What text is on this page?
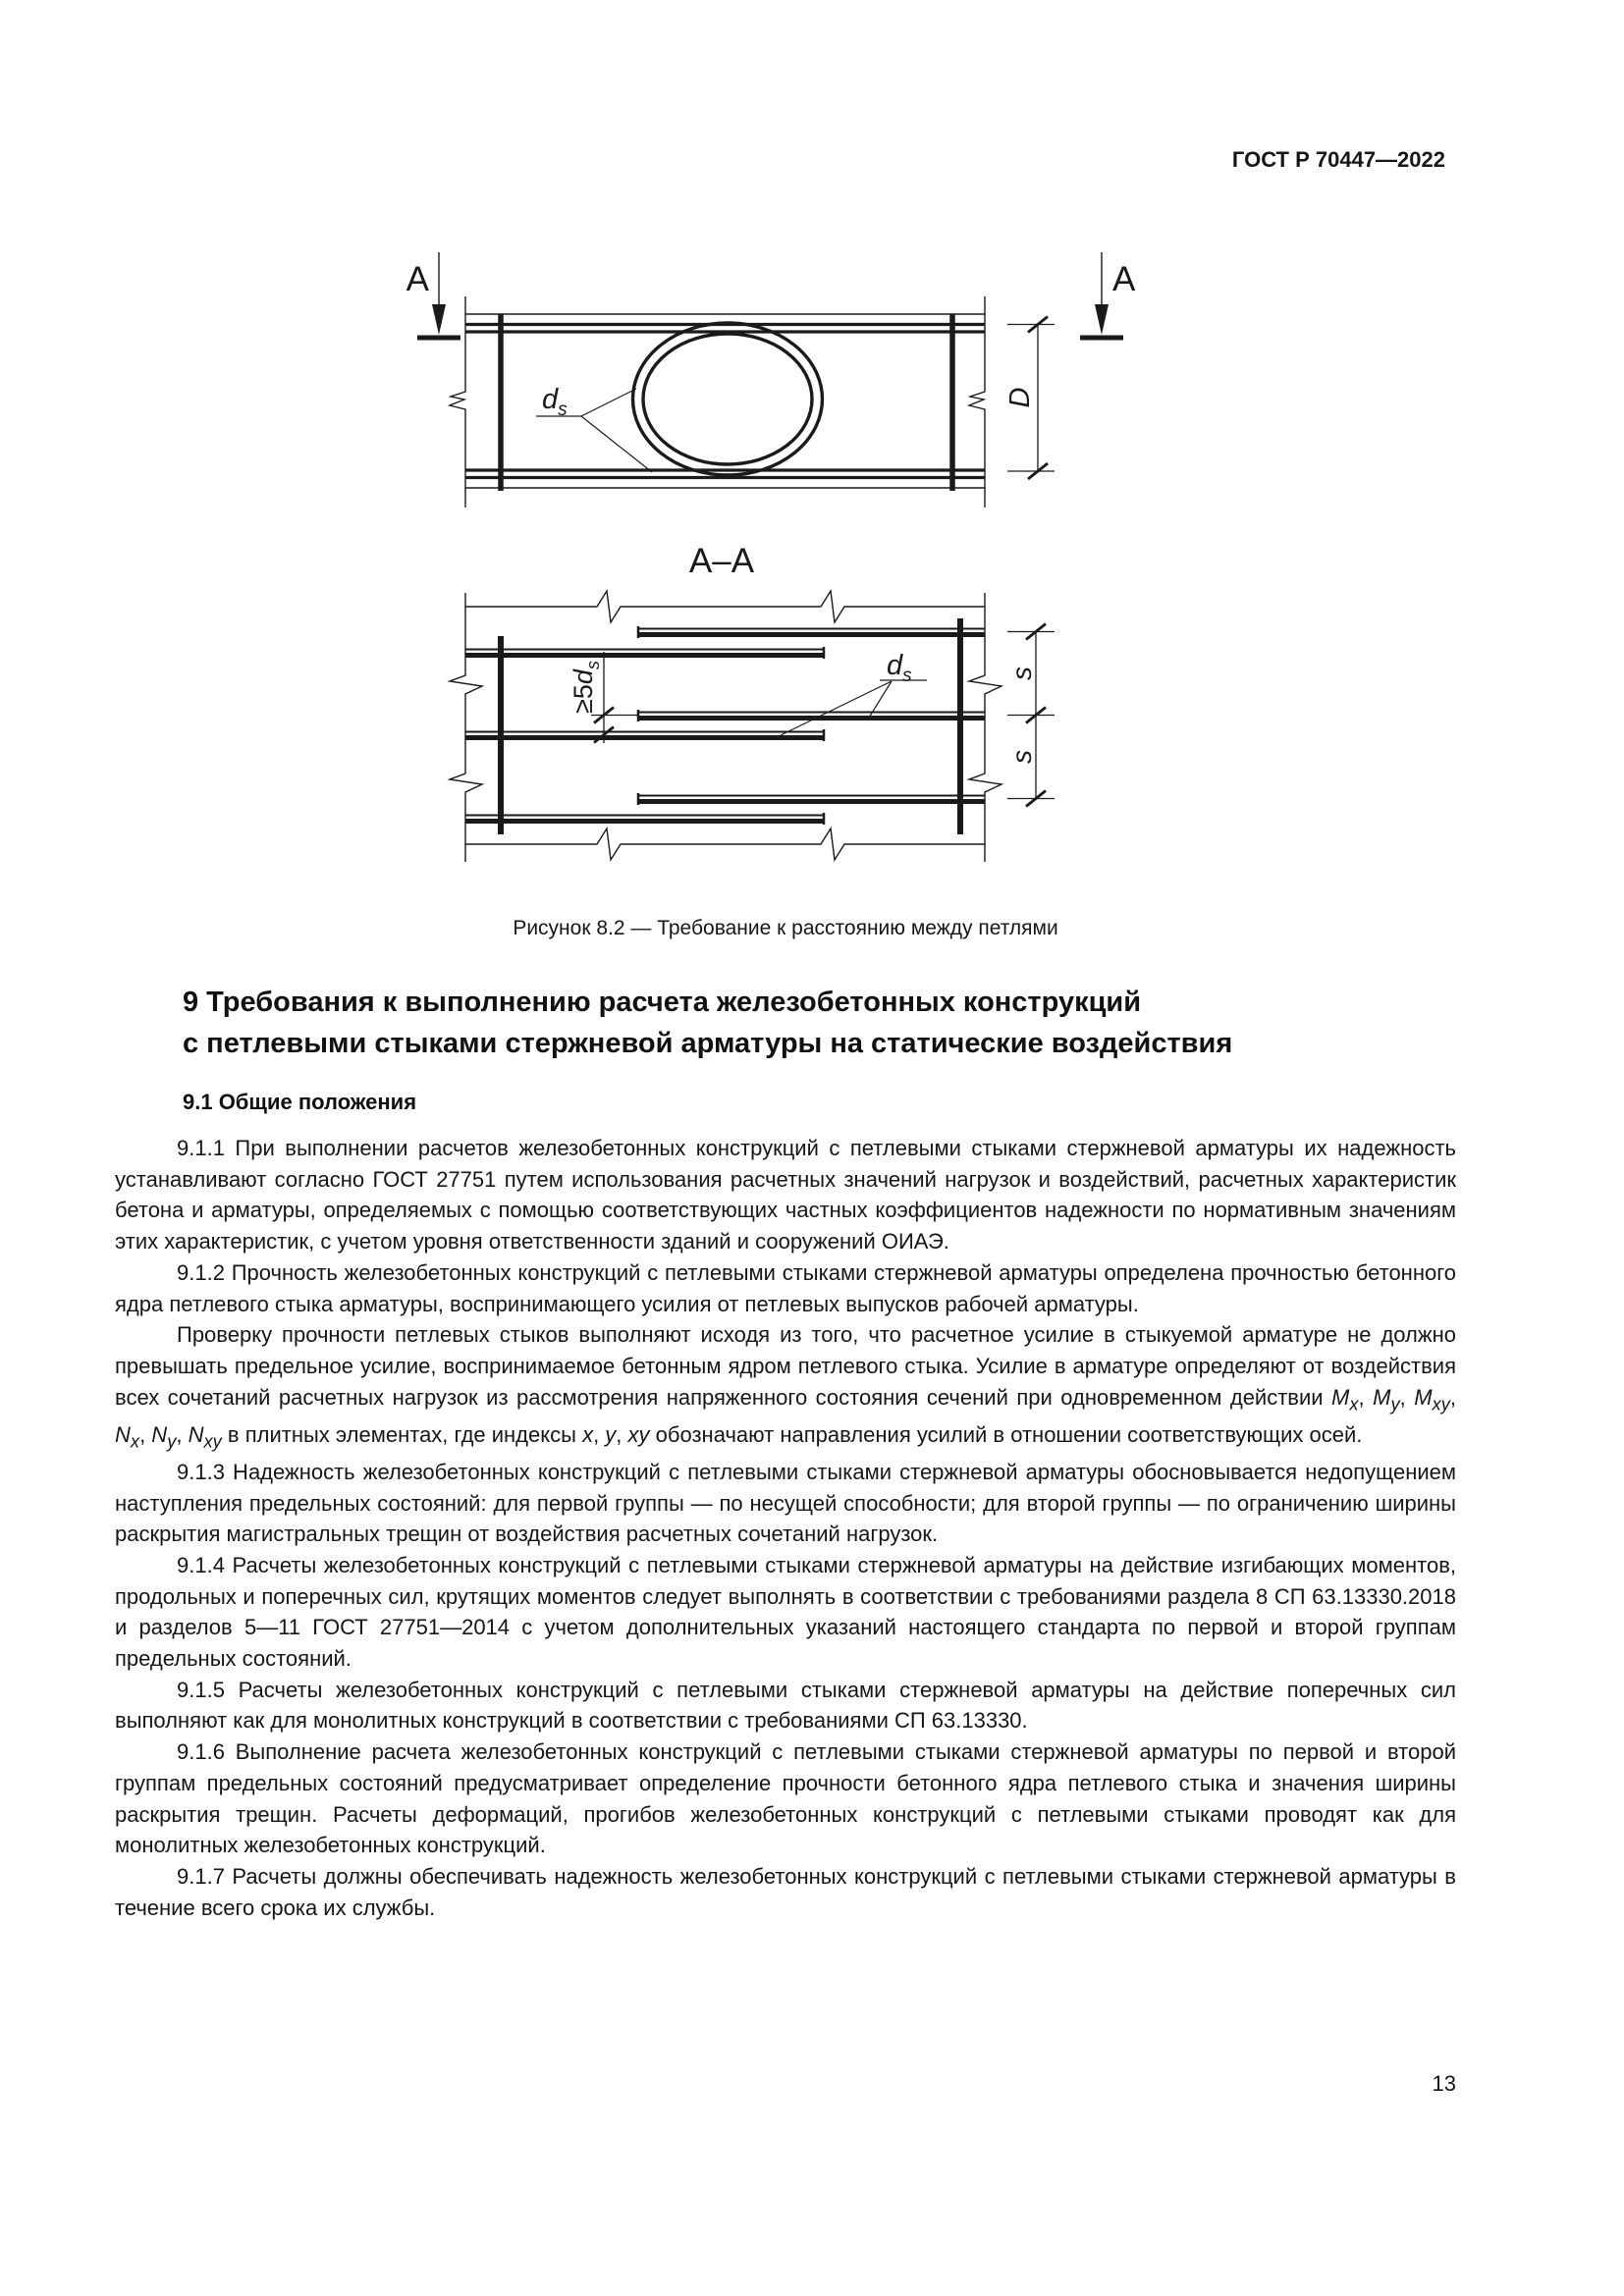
ГОСТ Р 70447—2022
A	A
$d_s$
D
А–А
$\ge 5d_s$	$d_s$	s
s
Рисунок 8.2 — Требование к расстоянию между петлями
9 Требования к выполнению расчета железобетонных конструкций
с петлевыми стыками стержневой арматуры на статические воздействия
9.1 Общие положения

9.1.1 При выполнении расчетов железобетонных конструкций с петлевыми стыками стержневой арматуры их надежность устанавливают согласно ГОСТ 27751 путем использования расчетных значений нагрузок и воздействий, расчетных характеристик бетона и арматуры, определяемых с помощью соответствующих частных коэффициентов надежности по нормативным значениям этих характеристик, с учетом уровня ответственности зданий и сооружений ОИАЭ.

9.1.2 Прочность железобетонных конструкций с петлевыми стыками стержневой арматуры определена прочностью бетонного ядра петлевого стыка арматуры, воспринимающего усилия от петлевых выпусков рабочей арматуры.

Проверку прочности петлевых стыков выполняют исходя из того, что расчетное усилие в стыкуемой арматуре не должно превышать предельное усилие, воспринимаемое бетонным ядром петлевого стыка. Усилие в арматуре определяют от воздействия всех сочетаний расчетных нагрузок из рассмотрения напряженного состояния сечений при одновременном действии $M_x$, $M_y$, $M_{xy}$, $N_x$, $N_y$, $N_{xy}$ в плитных элементах, где индексы x, y, xy обозначают направления усилий в отношении соответствующих осей.

9.1.3 Надежность железобетонных конструкций с петлевыми стыками стержневой арматуры обосновывается недопущением наступления предельных состояний: для первой группы — по несущей способности; для второй группы — по ограничению ширины раскрытия магистральных трещин от воздействия расчетных сочетаний нагрузок.

9.1.4 Расчеты железобетонных конструкций с петлевыми стыками стержневой арматуры на действие изгибающих моментов, продольных и поперечных сил, крутящих моментов следует выполнять в соответствии с требованиями раздела 8 СП 63.13330.2018 и разделов 5—11 ГОСТ 27751—2014 с учетом дополнительных указаний настоящего стандарта по первой и второй группам предельных состояний.

9.1.5 Расчеты железобетонных конструкций с петлевыми стыками стержневой арматуры на действие поперечных сил выполняют как для монолитных конструкций в соответствии с требованиями СП 63.13330.

9.1.6 Выполнение расчета железобетонных конструкций с петлевыми стыками стержневой арматуры по первой и второй группам предельных состояний предусматривает определение прочности бетонного ядра петлевого стыка и значения ширины раскрытия трещин. Расчеты деформаций, прогибов железобетонных конструкций с петлевыми стыками проводят как для монолитных железобетонных конструкций.

9.1.7 Расчеты должны обеспечивать надежность железобетонных конструкций с петлевыми стыками стержневой арматуры в течение всего срока их службы.

13
